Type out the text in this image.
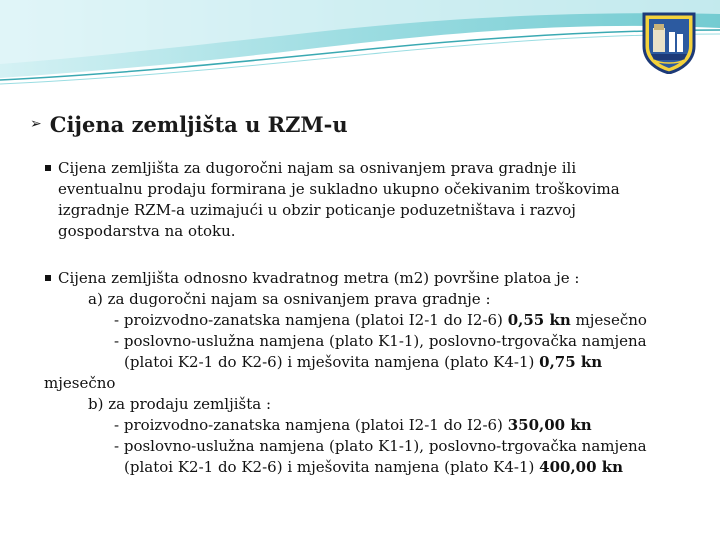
➢ Cijena zemljišta u RZM-u
Cijena zemljišta za dugoročni najam sa osnivanjem prava gradnje ili
eventualnu prodaju formirana je sukladno ukupno očekivanim troškovima
izgradnje RZM-a uzimajući u obzir poticanje poduzetništava i razvoj
gospodarstva na otoku.
Cijena zemljišta odnosno kvadratnog metra (m2) površine platoa je :
a) za dugoročni najam sa osnivanjem prava gradnje :
- proizvodno-zanatska namjena (platoi I2-1 do I2-6) 0,55 kn mjesečno
- poslovno-uslužna namjena (plato K1-1), poslovno-trgovačka namjena
(platoi K2-1 do K2-6) i mješovita namjena (plato K4-1) 0,75 kn
mjesečno
b) za prodaju zemljišta :
- proizvodno-zanatska namjena (platoi I2-1 do I2-6) 350,00 kn
- poslovno-uslužna namjena (plato K1-1), poslovno-trgovačka namjena
(platoi K2-1 do K2-6) i mješovita namjena (plato K4-1) 400,00 kn
